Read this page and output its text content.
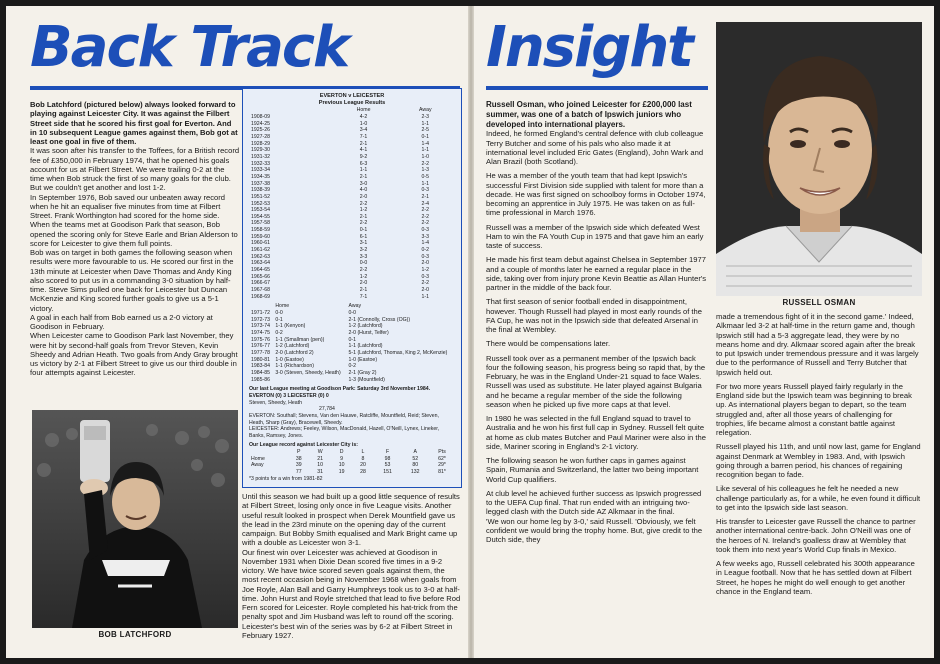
Back Track

Bob Latchford (pictured below) always looked forward to playing against Leicester City. It was against the Filbert Street side that he scored his first goal for Everton. And in 10 subsequent League games against them, Bob got at least one goal in five of them.

It was soon after his transfer to the Toffees, for a British record fee of £350,000 in February 1974, that he opened his goals account for us at Filbert Street. We were trailing 0-2 at the time when Bob struck the first of so many goals for the club. But we couldn't get another and lost 1-2.

In September 1976, Bob saved our unbeaten away record when he hit an equaliser five minutes from time at Filbert Street. Frank Worthington had scored for the home side.

When the teams met at Goodison Park that season, Bob opened the scoring only for Steve Earle and Brian Alderson to score for Leicester to give them full points.

Bob was on target in both games the following season when results were more favourable to us. He scored our first in the 13th minute at Leicester when Dave Thomas and Andy King also scored to put us in a commanding 3-0 situation by half-time. Steve Sims pulled one back for Leicester but Duncan McKenzie and King scored further goals to give us a 5-1 victory.

A goal in each half from Bob earned us a 2-0 victory at Goodison in February.

When Leicester came to Goodison Park last November, they were hit by second-half goals from Trevor Steven, Kevin Sheedy and Adrian Heath. Two goals from Andy Gray brought us victory by 2-1 at Filbert Street to give us our third double in four attempts against Leicester.

BOB LATCHFORD
EVERTON v LEICESTER
Previous League Results
	Home	Away
1908-09	4-2	2-3
1924-25	1-0	1-1
1925-26	3-4	2-5
1927-28	7-1	0-1
1928-29	2-1	1-4
1929-30	4-1	1-1
1931-32	9-2	1-0
1932-33	6-3	2-2
1933-34	1-1	1-3
1934-35	2-1	0-5
1937-38	3-0	1-1
1938-39	4-0	0-3
1951-52	2-0	2-1
1952-53	2-2	2-4
1953-54	1-2	2-2
1954-55	2-1	2-2
1957-58	2-2	2-2
1958-59	0-1	0-3
1959-60	6-1	3-3
1960-61	3-1	1-4
1961-62	3-2	0-2
1962-63	3-3	0-3
1963-64	0-0	2-0
1964-65	2-2	1-2
1965-66	1-2	0-3
1966-67	2-0	2-2
1967-68	2-1	2-0
1968-69	7-1	1-1
	Home	Away
1971-72	0-0	0-0
1972-73	0-1	2-1 (Connolly, Cross (OG))
1973-74	1-1 (Kenyon)	1-2 (Latchford)
1974-75	0-2	2-0 (Hurst, Telfer)
1975-76	1-1 (Smallman (pen))	0-1
1976-77	1-2 (Latchford)	1-1 (Latchford)
1977-78	2-0 (Latchford 2)	5-1 (Latchford, Thomas, King 2, McKenzie)
1980-81	1-0 (Eastoe)	1-0 (Eastoe)
1983-84	1-1 (Richardson)	0-2
1984-85	3-0 (Steven, Sheedy, Heath)	2-1 (Gray 2)
1985-86		1-3 (Mountfield)
Our last League meeting at Goodison Park: Saturday 3rd November 1984.
EVERTON (0) 3 LEICESTER (0) 0
Steven, Sheedy, Heath
27,784
EVERTON: Southall; Stevens, Van den Hauwe, Ratcliffe, Mountfield, Reid; Steven, Heath, Sharp (Gray), Bracewell, Sheedy.
LEICESTER: Andrews; Feeley, Wilson, MacDonald, Hazell, O'Neill, Lynex, Lineker, Banks, Ramsey, Jones.
Our League record against Leicester City is:
	P	W	D	L	F	A	Pts
Home	38	21	9	8	98	52	62*
Away	39	10	10	20	53	80	29*
	77	31	19	28	151	132	81*
*3 points for a win from 1981-82

Until this season we had built up a good little sequence of results at Filbert Street, losing only once in five League visits. Another useful result looked in prospect when Derek Mountfield gave us the lead in the 23rd minute on the opening day of the current campaign. But Bobby Smith equalised and Mark Bright came up with a double as Leicester won 3-1.

Our finest win over Leicester was achieved at Goodison in November 1931 when Dixie Dean scored five times in a 9-2 victory. We have twice scored seven goals against them, the most recent occasion being in November 1968 when goals from Joe Royle, Alan Ball and Garry Humphreys took us to 3-0 at half-time. John Hurst and Royle stretched that lead to five before Rod Fern scored for Leicester. Royle completed his hat-trick from the penalty spot and Jim Husband was left to round off the scoring.

Leicester's best win of the series was by 6-2 at Filbert Street in February 1927.

Insight
RUSSELL OSMAN

Russell Osman, who joined Leicester for £200,000 last summer, was one of a batch of Ipswich juniors who developed into international players.

Indeed, he formed England's central defence with club colleague Terry Butcher and some of his pals who also made it at international level included Eric Gates (England), John Wark and Alan Brazil (both Scotland).

He was a member of the youth team that had kept Ipswich's successful First Division side supplied with talent for more than a decade. He was first signed on schoolboy forms in October 1974, becoming an apprentice in July 1975. He was taken on as full-time professional in March 1976.

Russell was a member of the Ipswich side which defeated West Ham to win the FA Youth Cup in 1975 and that gave him an early taste of success.

He made his first team debut against Chelsea in September 1977 and a couple of months later he earned a regular place in the side, taking over from injury prone Kevin Beattie as Allan Hunter's partner in the middle of the back four.

That first season of senior football ended in disappointment, however. Though Russell had played in most early rounds of the FA Cup, he was not in the Ipswich side that defeated Arsenal in the final at Wembley.

There would be compensations later.

Russell took over as a permanent member of the Ipswich back four the following season, his progress being so rapid that, by the February, he was in the England Under-21 squad to face Wales. Russell was used as substitute. He later played against Bulgaria and he became a regular member of the side the following season when he picked up five more caps at that level.

In 1980 he was selected in the full England squad to travel to Australia and he won his first full cap in Sydney. Russell felt quite at home as club mates Butcher and Paul Mariner were also in the side, Mariner scoring in England's 2-1 victory.

The following season he won further caps in games against Spain, Rumania and Switzerland, the latter two being important World Cup qualifiers.

At club level he achieved further success as Ipswich progressed to the UEFA Cup final. That run ended with an intriguing two-legged clash with the Dutch side AZ Alkmaar in the final.

'We won our home leg by 3-0,' said Russell. 'Obviously, we felt confident we would bring the trophy home. But, give credit to the Dutch side, they

made a tremendous fight of it in the second game.' Indeed, Alkmaar led 3-2 at half-time in the return game and, though Ipswich still had a 5-3 aggregate lead, they were by no means home and dry. Alkmaar scored again after the break to put Ipswich under tremendous pressure and it was largely due to the performance of Russell and Terry Butcher that Ipswich held out.

For two more years Russell played fairly regularly in the England side but the Ipswich team was beginning to break up. As international players began to depart, so the team struggled and, after all those years of challenging for trophies, life became almost a constant battle against relegation.

Russell played his 11th, and until now last, game for England against Denmark at Wembley in 1983. And, with Ipswich going through a barren period, his chances of regaining recognition began to fade.

Like several of his colleagues he felt he needed a new challenge particularly as, for a while, he even found it difficult to get into the Ipswich side last season.

His transfer to Leicester gave Russell the chance to partner another international centre-back. John O'Neill was one of the heroes of N. Ireland's goalless draw at Wembley that took them into next year's World Cup finals in Mexico.

A few weeks ago, Russell celebrated his 300th appearance in League football. Now that he has settled down at Filbert Street, he hopes he might do well enough to get another chance in the England team.
